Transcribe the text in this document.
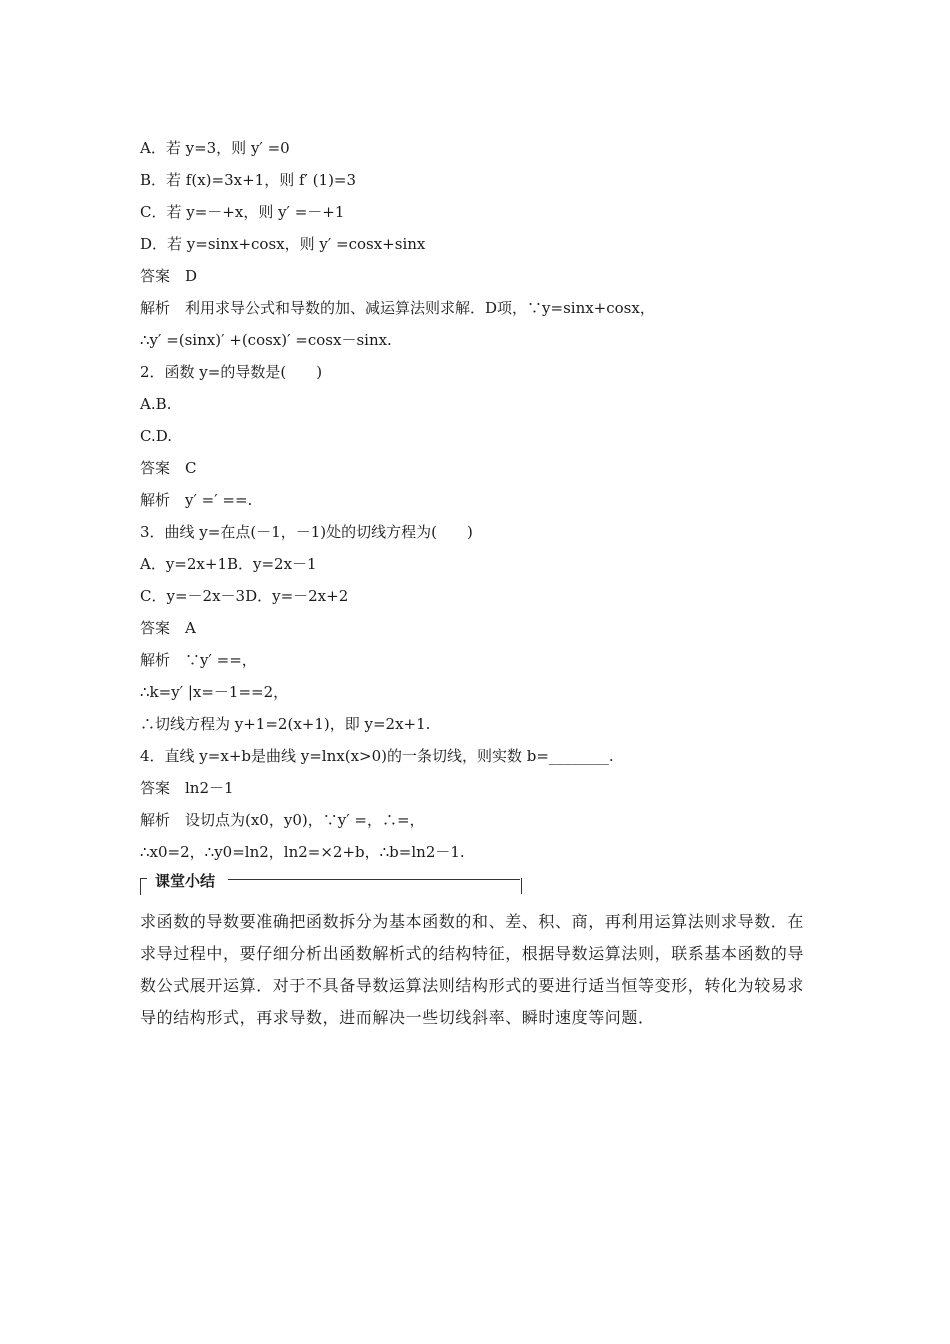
A．若 y=3，则 y′ =0
B．若 f(x)=3x+1，则 f′ (1)=3
C．若 y=－+x，则 y′ =－+1
D．若 y=sinx+cosx，则 y′ =cosx+sinx
答案　D
解析　利用求导公式和导数的加、减运算法则求解．D项，∵y=sinx+cosx，
∴y′ =(sinx)′ +(cosx)′ =cosx－sinx.
2．函数 y=的导数是(　　)
A.B.
C.D.
答案　C
解析　y′ =′ ==.
3．曲线 y=在点(－1，－1)处的切线方程为(　　)
A．y=2x+1B．y=2x－1
C．y=－2x－3D．y=－2x+2
答案　A
解析　∵y′ ==，
∴k=y′ |x=－1==2，
∴切线方程为 y+1=2(x+1)，即 y=2x+1.
4．直线 y=x+b是曲线 y=lnx(x>0)的一条切线，则实数 b=________.
答案　ln2－1
解析　设切点为(x0，y0)，∵y′ =，∴=，
∴x0=2，∴y0=ln2，ln2=×2+b，∴b=ln2－1.
课堂小结
求函数的导数要准确把函数拆分为基本函数的和、差、积、商，再利用运算法则求导数．在求导过程中，要仔细分析出函数解析式的结构特征，根据导数运算法则，联系基本函数的导数公式展开运算．对于不具备导数运算法则结构形式的要进行适当恒等变形，转化为较易求导的结构形式，再求导数，进而解决一些切线斜率、瞬时速度等问题．
